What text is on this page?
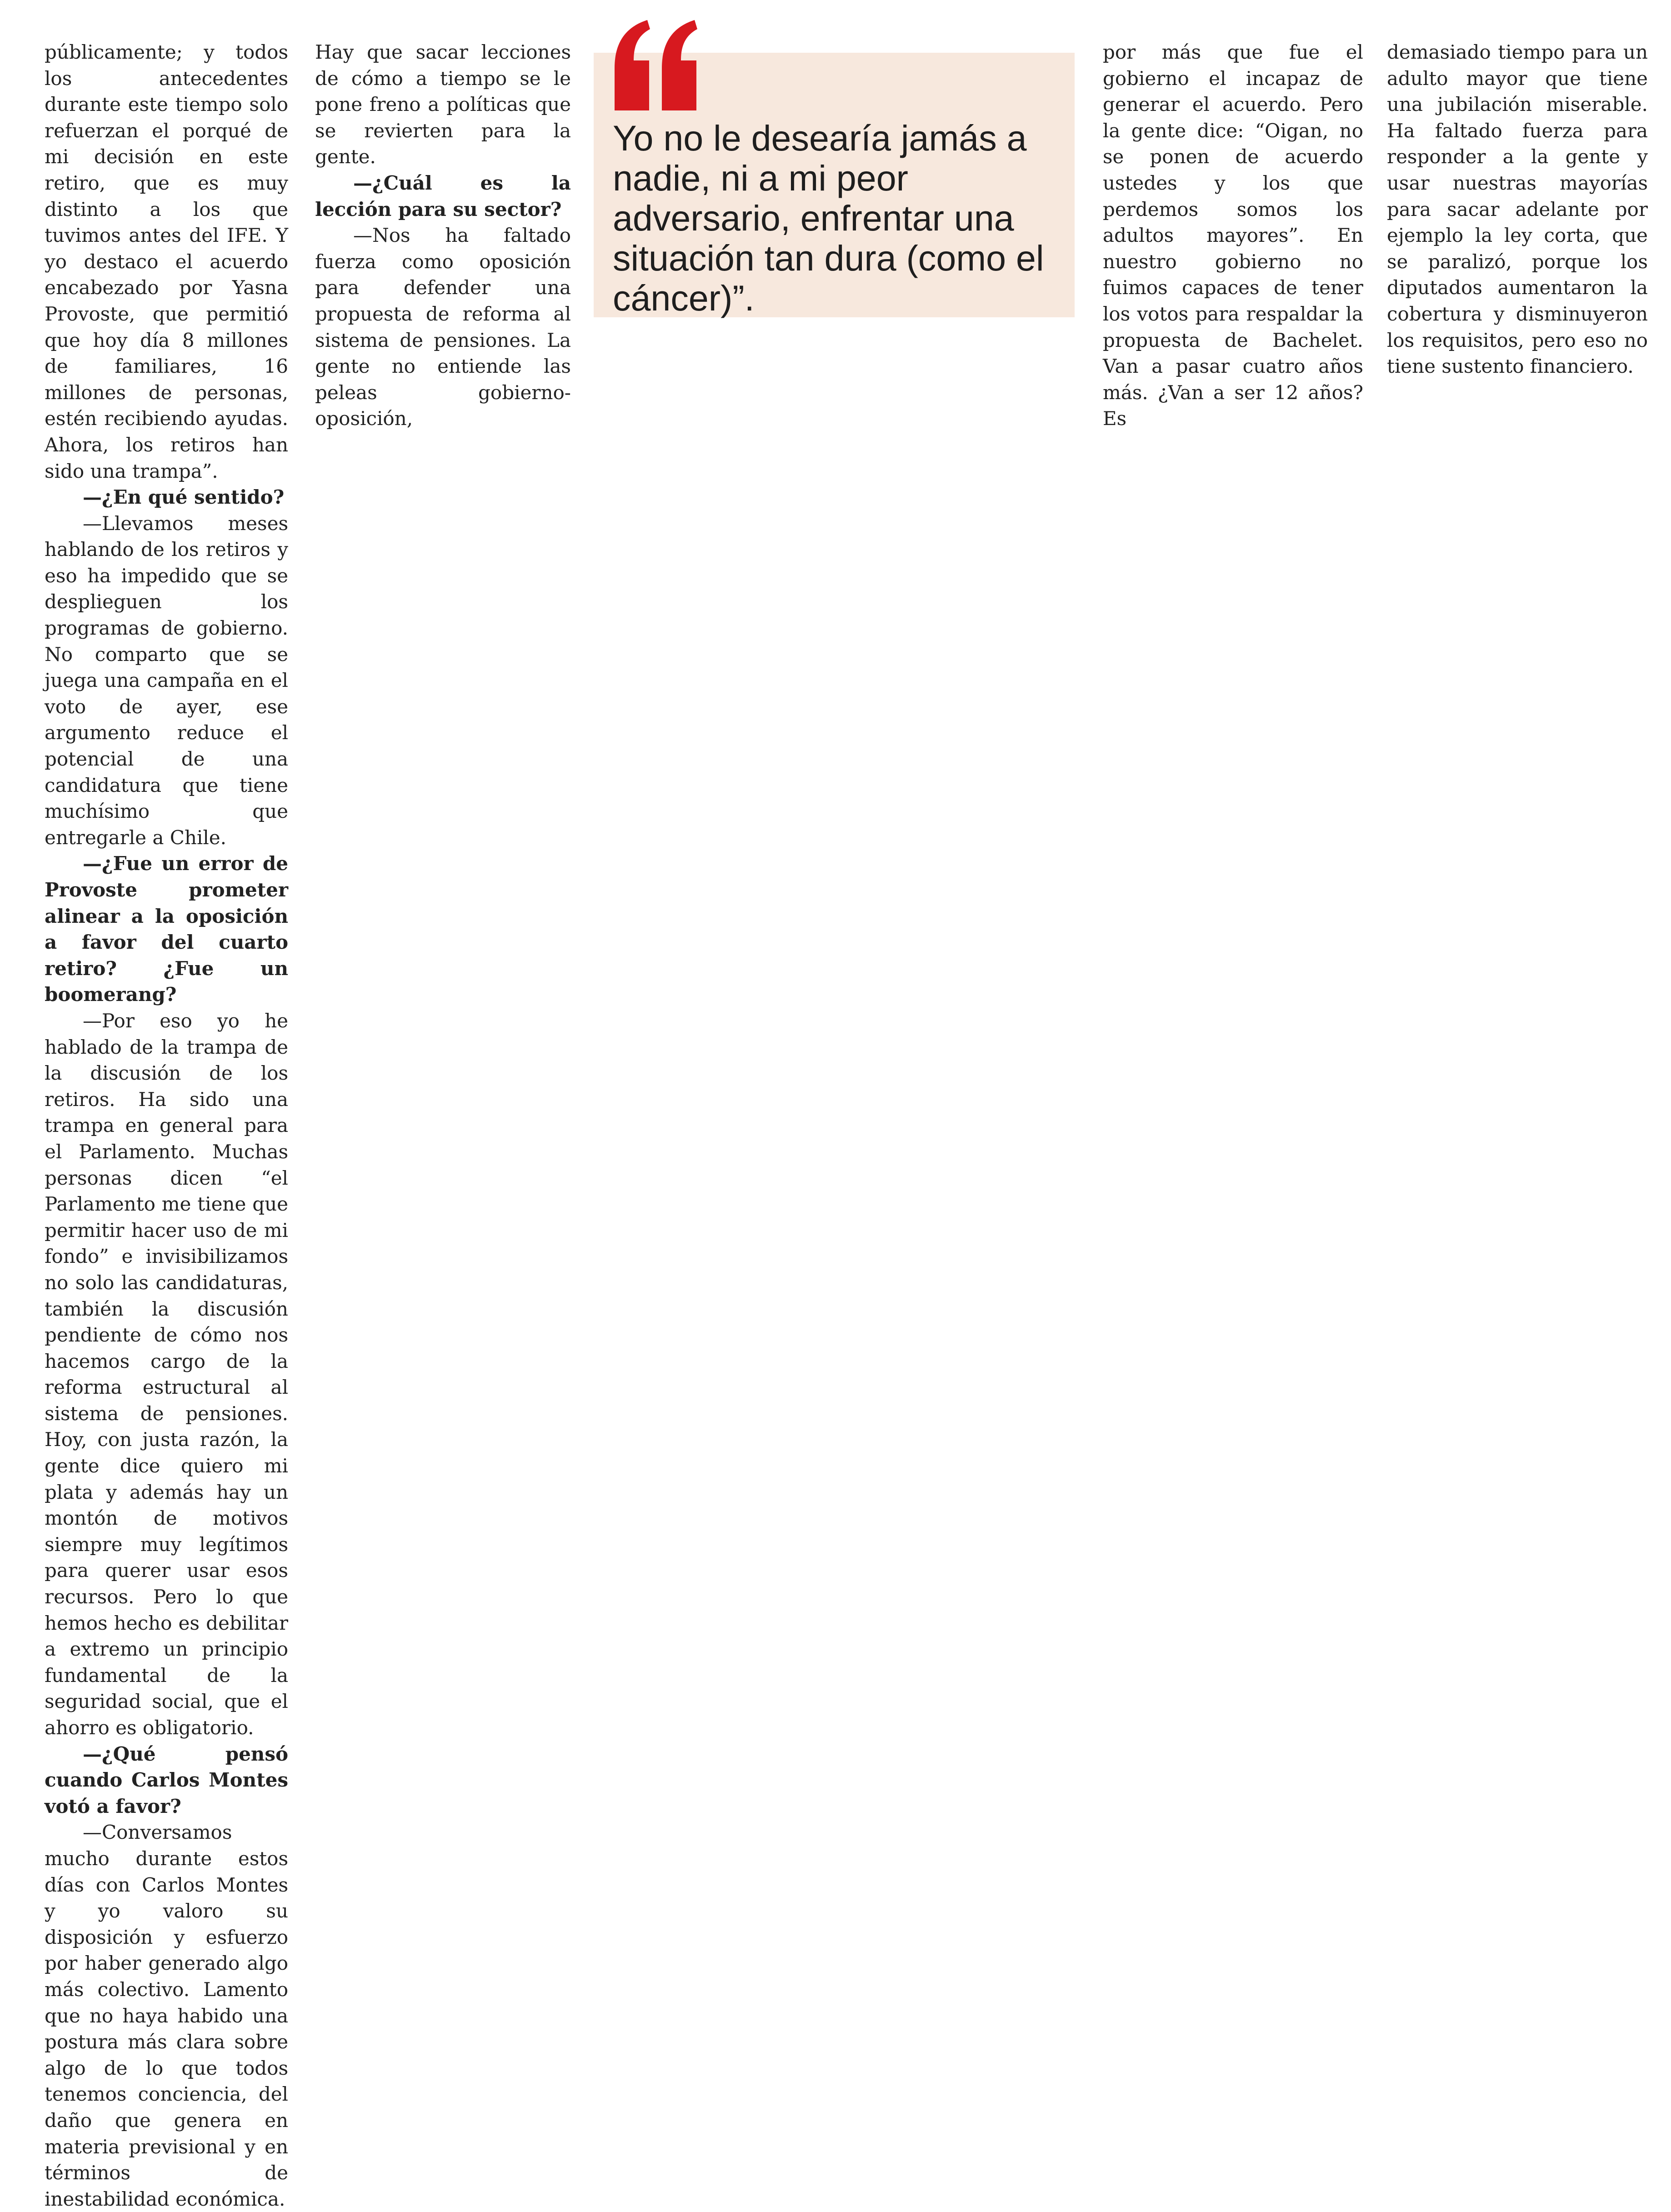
públicamente; y todos los antecedentes durante este tiempo solo refuerzan el porqué de mi decisión en este retiro, que es muy distinto a los que tuvimos antes del IFE. Y yo destaco el acuerdo encabezado por Yasna Provoste, que permitió que hoy día 8 millones de familiares, 16 millones de personas, estén recibiendo ayudas. Ahora, los retiros han sido una trampa”.

—¿En qué sentido?

—Llevamos meses hablando de los retiros y eso ha impedido que se desplieguen los programas de gobierno. No comparto que se juega una campaña en el voto de ayer, ese argumento reduce el potencial de una candidatura que tiene muchísimo que entregarle a Chile.

—¿Fue un error de Provoste prometer alinear a la oposición a favor del cuarto retiro? ¿Fue un boomerang?

—Por eso yo he hablado de la trampa de la discusión de los retiros. Ha sido una trampa en general para el Parlamento. Muchas personas dicen “el Parlamento me tiene que permitir hacer uso de mi fondo” e invisibilizamos no solo las candidaturas, también la discusión pendiente de cómo nos hacemos cargo de la reforma estructural al sistema de pensiones. Hoy, con justa razón, la gente dice quiero mi plata y además hay un montón de motivos siempre muy legítimos para querer usar esos recursos. Pero lo que hemos hecho es debilitar a extremo un principio fundamental de la seguridad social, que el ahorro es obligatorio.

—¿Qué pensó cuando Carlos Montes votó a favor?

—Conversamos mucho durante estos días con Carlos Montes y yo valoro su disposición y esfuerzo por haber generado algo más colectivo. Lamento que no haya habido una postura más clara sobre algo de lo que todos tenemos conciencia, del daño que genera en materia previsional y en términos de inestabilidad económica.

Hay que sacar lecciones de cómo a tiempo se le pone freno a políticas que se revierten para la gente.

—¿Cuál es la lección para su sector?

—Nos ha faltado fuerza como oposición para defender una propuesta de reforma al sistema de pensiones. La gente no entiende las peleas gobierno-oposición,

Yo no le desearía jamás a nadie, ni a mi peor adversario, enfrentar una situación tan dura (como el cáncer)”.

por más que fue el gobierno el incapaz de generar el acuerdo. Pero la gente dice: “Oigan, no se ponen de acuerdo ustedes y los que perdemos somos los adultos mayores”. En nuestro gobierno no fuimos capaces de tener los votos para respaldar la propuesta de Bachelet. Van a pasar cuatro años más. ¿Van a ser 12 años? Es

demasiado tiempo para un adulto mayor que tiene una jubilación miserable. Ha faltado fuerza para responder a la gente y usar nuestras mayorías para sacar adelante por ejemplo la ley corta, que se paralizó, porque los diputados aumentaron la cobertura y disminuyeron los requisitos, pero eso no tiene sustento financiero.
